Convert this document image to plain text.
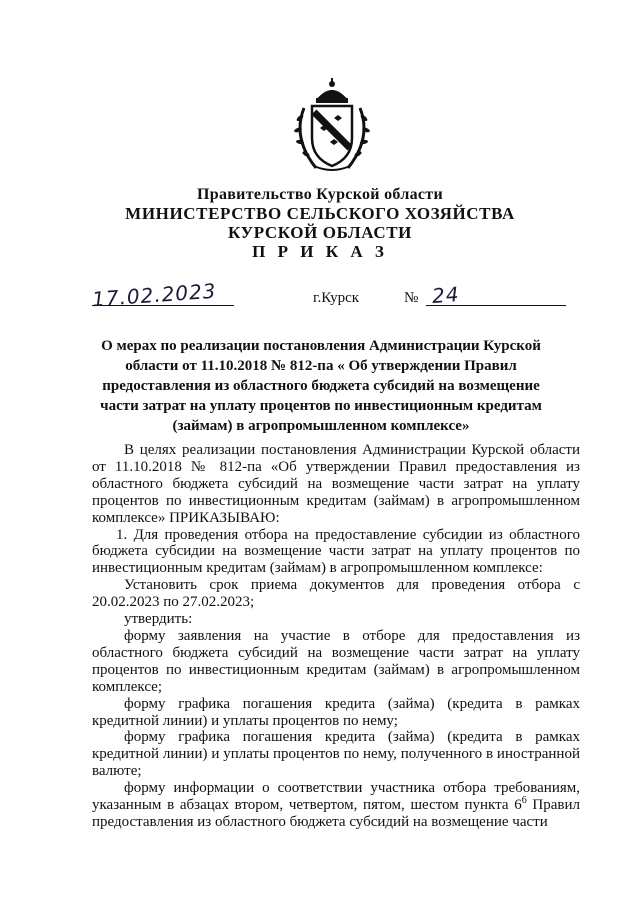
Правительство Курской области
МИНИСТЕРСТВО СЕЛЬСКОГО ХОЗЯЙСТВА
КУРСКОЙ ОБЛАСТИ
П Р И К А З
17.02.2023	г.Курск	№ 24
О мерах по реализации постановления Администрации Курской области от 11.10.2018 № 812-па « Об утверждении Правил предоставления из областного бюджета субсидий на возмещение части затрат на уплату процентов по инвестиционным кредитам (займам) в агропромышленном комплексе»

В целях реализации постановления Администрации Курской области от 11.10.2018 № 812-па «Об утверждении Правил предоставления из областного бюджета субсидий на возмещение части затрат на уплату процентов по инвестиционным кредитам (займам) в агропромышленном комплексе» ПРИКАЗЫВАЮ:

1. Для проведения отбора на предоставление субсидии из областного бюджета субсидии на возмещение части затрат на уплату процентов по инвестиционным кредитам (займам) в агропромышленном комплексе:

Установить срок приема документов для проведения отбора с 20.02.2023 по 27.02.2023;

утвердить:

форму заявления на участие в отборе для предоставления из областного бюджета субсидий на возмещение части затрат на уплату процентов по инвестиционным кредитам (займам) в агропромышленном комплексе;

форму графика погашения кредита (займа) (кредита в рамках кредитной линии) и уплаты процентов по нему;

форму графика погашения кредита (займа) (кредита в рамках кредитной линии) и уплаты процентов по нему, полученного в иностранной валюте;

форму информации о соответствии участника отбора требованиям, указанным в абзацах втором, четвертом, пятом, шестом пункта $6^6$ Правил предоставления из областного бюджета субсидий на возмещение части
